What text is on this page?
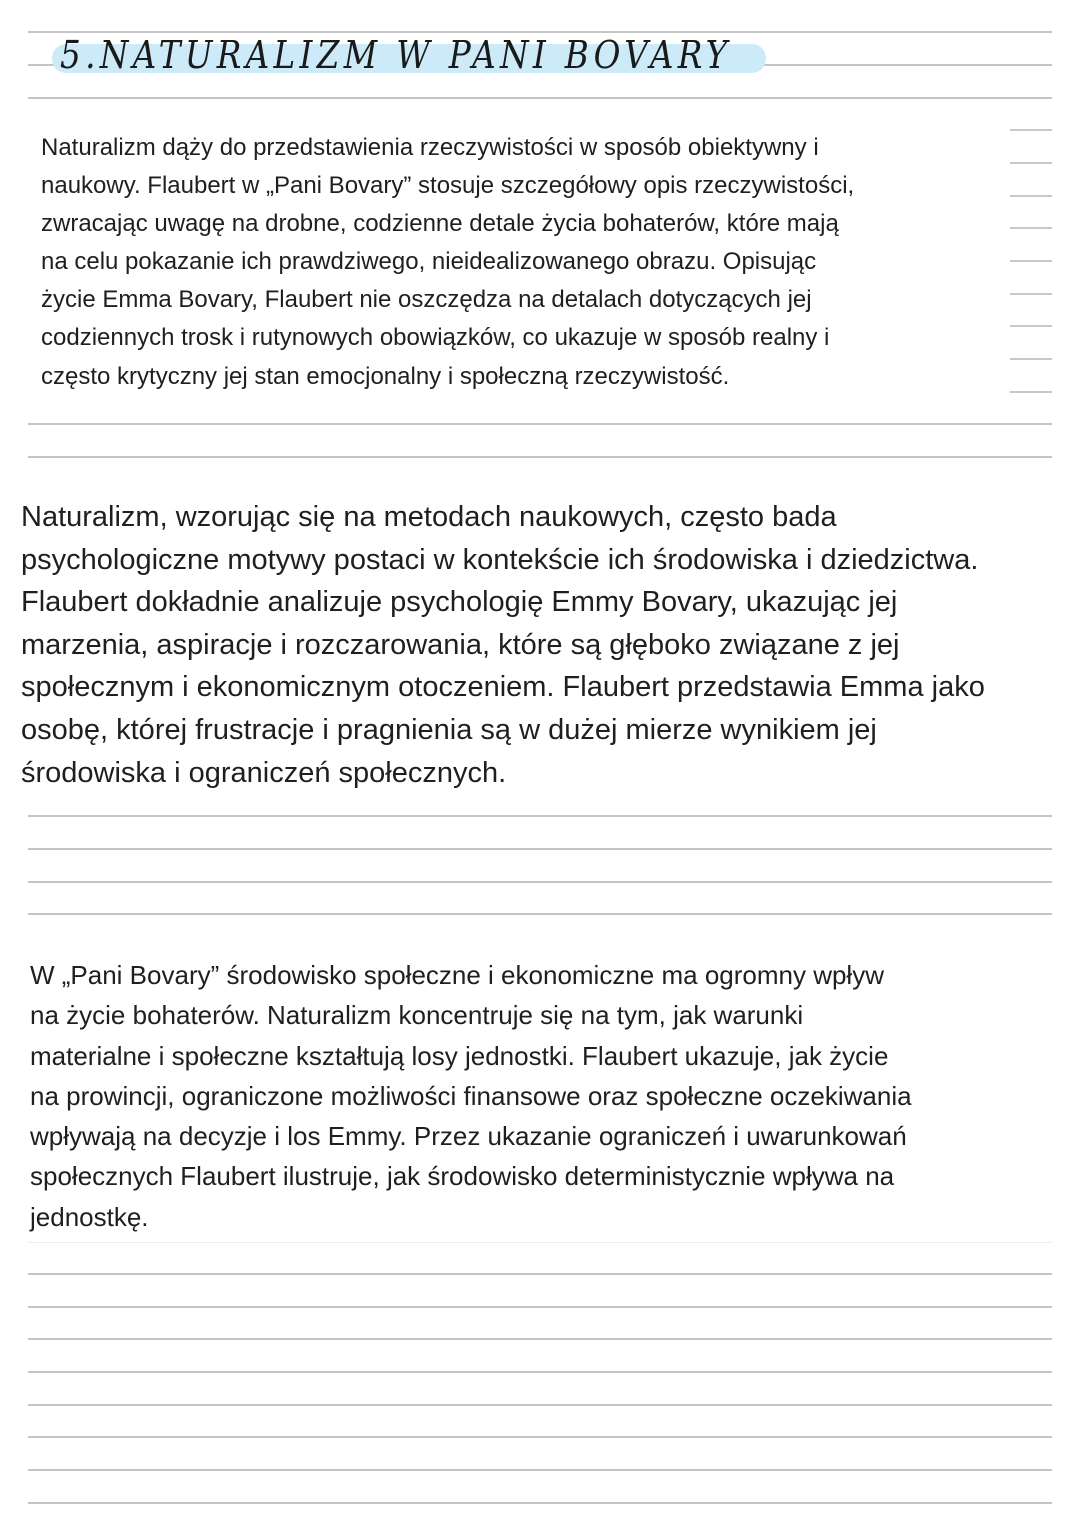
5.NATURALIZM W PANI BOVARY

Naturalizm dąży do przedstawienia rzeczywistości w sposób obiektywny i
naukowy. Flaubert w „Pani Bovary” stosuje szczegółowy opis rzeczywistości,
zwracając uwagę na drobne, codzienne detale życia bohaterów, które mają
na celu pokazanie ich prawdziwego, nieidealizowanego obrazu. Opisując
życie Emma Bovary, Flaubert nie oszczędza na detalach dotyczących jej
codziennych trosk i rutynowych obowiązków, co ukazuje w sposób realny i
często krytyczny jej stan emocjonalny i społeczną rzeczywistość.

Naturalizm, wzorując się na metodach naukowych, często bada
psychologiczne motywy postaci w kontekście ich środowiska i dziedzictwa.
Flaubert dokładnie analizuje psychologię Emmy Bovary, ukazując jej
marzenia, aspiracje i rozczarowania, które są głęboko związane z jej
społecznym i ekonomicznym otoczeniem. Flaubert przedstawia Emma jako
osobę, której frustracje i pragnienia są w dużej mierze wynikiem jej
środowiska i ograniczeń społecznych.

W „Pani Bovary” środowisko społeczne i ekonomiczne ma ogromny wpływ
na życie bohaterów. Naturalizm koncentruje się na tym, jak warunki
materialne i społeczne kształtują losy jednostki. Flaubert ukazuje, jak życie
na prowincji, ograniczone możliwości finansowe oraz społeczne oczekiwania
wpływają na decyzje i los Emmy. Przez ukazanie ograniczeń i uwarunkowań
społecznych Flaubert ilustruje, jak środowisko deterministycznie wpływa na
jednostkę.
